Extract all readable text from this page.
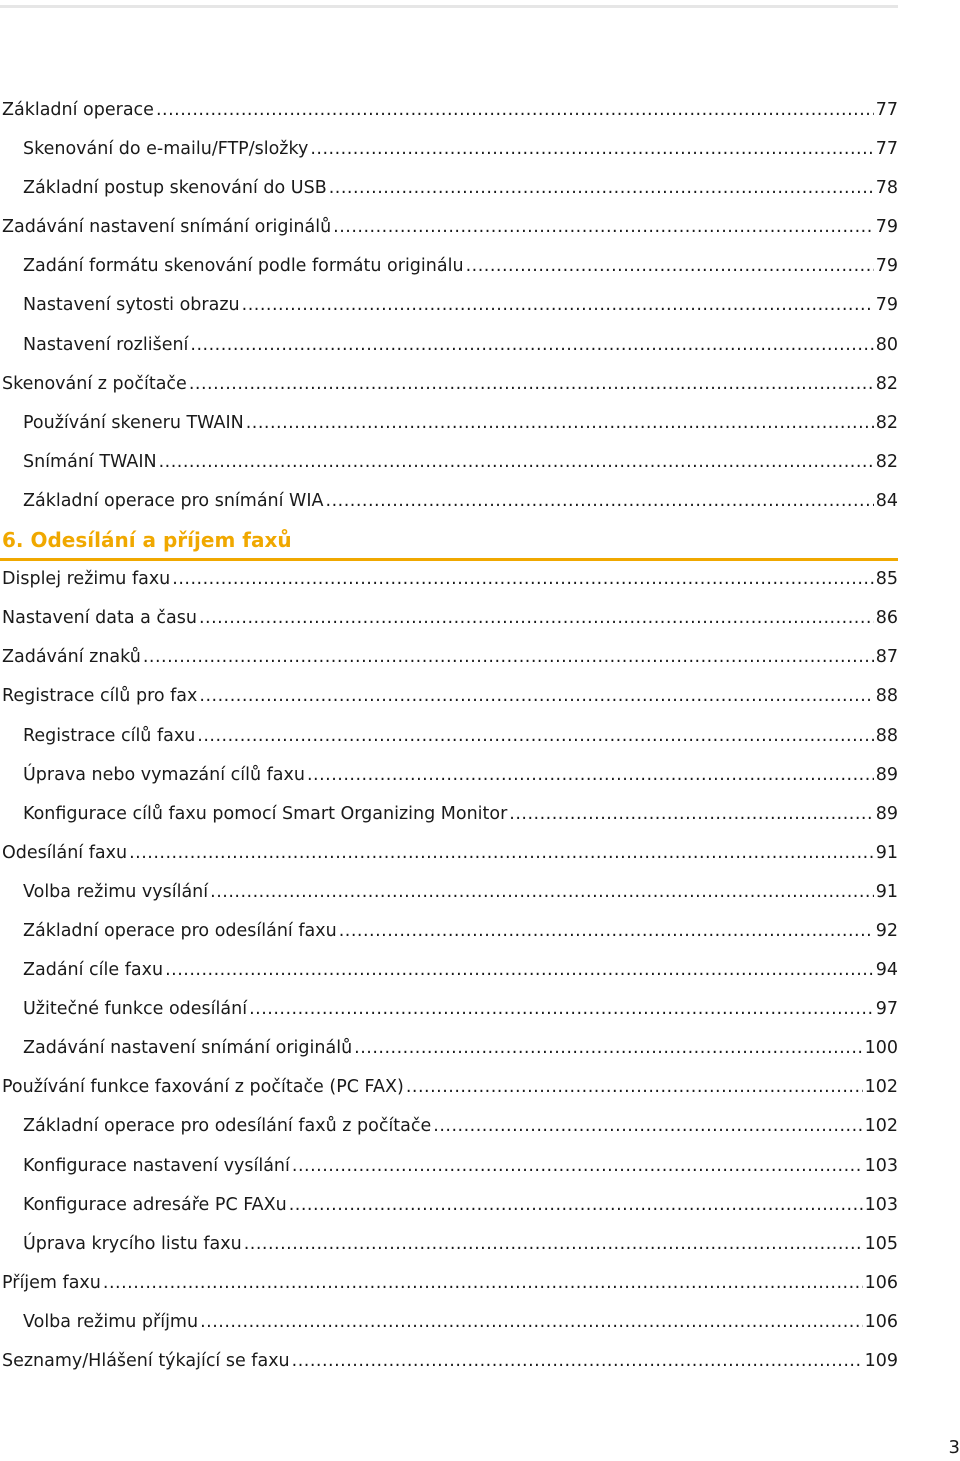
Základní operace .....	77
Skenování do e-mailu/FTP/složky .....	77
Základní postup skenování do USB .....	78
Zadávání nastavení snímání originálů .....	79
Zadání formátu skenování podle formátu originálu .....	79
Nastavení sytosti obrazu .....	79
Nastavení rozlišení .....	80
Skenování z počítače .....	82
Používání skeneru TWAIN .....	82
Snímání TWAIN .....	82
Základní operace pro snímání WIA .....	84
6. Odesílání a příjem faxů
Displej režimu faxu .....	85
Nastavení data a času .....	86
Zadávání znaků .....	87
Registrace cílů pro fax .....	88
Registrace cílů faxu .....	88
Úprava nebo vymazání cílů faxu .....	89
Konfigurace cílů faxu pomocí Smart Organizing Monitor .....	89
Odesílání faxu .....	91
Volba režimu vysílání .....	91
Základní operace pro odesílání faxu .....	92
Zadání cíle faxu .....	94
Užitečné funkce odesílání .....	97
Zadávání nastavení snímání originálů .....	100
Používání funkce faxování z počítače (PC FAX) .....	102
Základní operace pro odesílání faxů z počítače .....	102
Konfigurace nastavení vysílání .....	103
Konfigurace adresáře PC FAXu .....	103
Úprava krycího listu faxu .....	105
Příjem faxu .....	106
Volba režimu příjmu .....	106
Seznamy/Hlášení týkající se faxu .....	109
3
